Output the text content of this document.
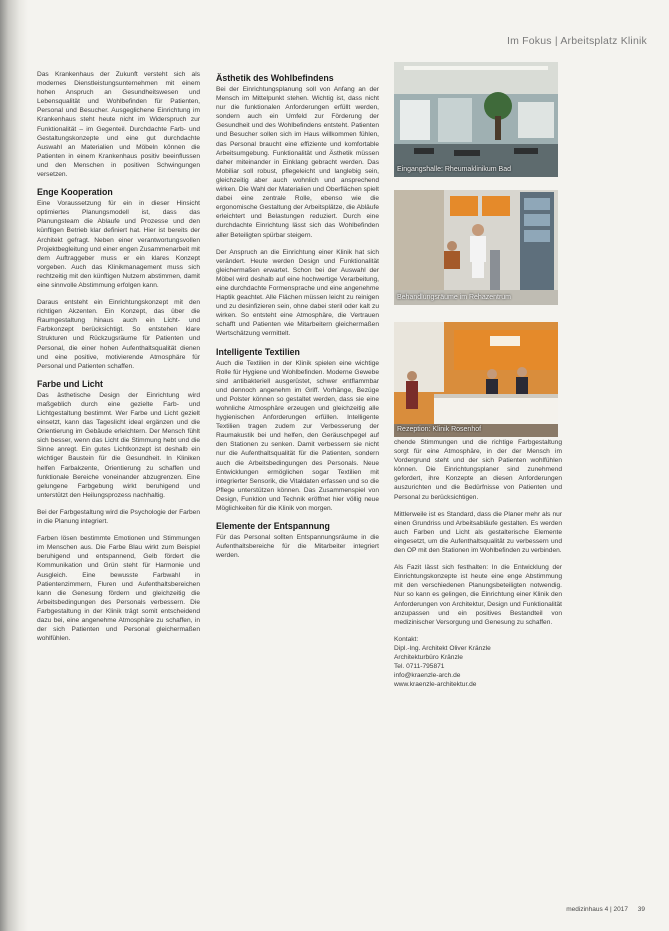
Im Fokus | Arbeitsplatz Klinik

Das Krankenhaus der Zukunft versteht sich als modernes Dienstleistungsunternehmen mit einem hohen Anspruch an Gesundheitswesen und Lebensqualität und Wohlbefinden für Patienten, Personal und Besucher. Ausgeglichene Einrichtung im Krankenhaus steht heute nicht im Widerspruch zur Funktionalität – im Gegenteil. Durchdachte Farb- und Gestaltungskonzepte und eine gut durchdachte Auswahl an Materialien und Möbeln können die Patienten in einem Krankenhaus positiv beeinflussen und den Menschen in positiven Schwingungen versetzen.

Enge Kooperation

Eine Voraussetzung für ein in dieser Hinsicht optimiertes Planungsmodell ist, dass das Planungsteam die Ablaufe und Prozesse und den künftigen Betrieb klar definiert hat. Hier ist bereits der Architekt gefragt. Neben einer verantwortungsvollen Projektbegleitung und einer engen Zusammenarbeit mit dem Auftraggeber muss er ein klares Konzept vorgeben. Auch das Klinikmanagement muss sich rechtzeitig mit den künftigen Nutzern abstimmen, damit eine sinnvolle Abstimmung erfolgen kann.

Daraus entsteht ein Einrichtungskonzept mit den richtigen Akzenten. Ein Konzept, das über die Raumgestaltung hinaus auch ein Licht- und Farbkonzept berücksichtigt. So entstehen klare Strukturen und Rückzugsräume für Patienten und Personal, die einer hohen Aufenthaltsqualität dienen und eine positive, motivierende Atmosphäre für Personal und Patienten schaffen.

Farbe und Licht

Das ästhetische Design der Einrichtung wird maßgeblich durch eine gezielte Farb- und Lichtgestaltung bestimmt. Wer Farbe und Licht gezielt einsetzt, kann das Tageslicht ideal ergänzen und die Orientierung im Gebäude erleichtern. Der Mensch fühlt sich besser, wenn das Licht die Stimmung hebt und die Sinne anregt. Ein gutes Lichtkonzept ist deshalb ein wichtiger Baustein für die Gesundheit. In Kliniken helfen Farbakzente, Orientierung zu schaffen und funktionale Bereiche voneinander abzugrenzen. Eine gelungene Farbgebung wirkt beruhigend und unterstützt den Heilungsprozess nachhaltig.

Bei der Farbgestaltung wird die Psychologie der Farben in die Planung integriert.

Farben lösen bestimmte Emotionen und Stimmungen im Menschen aus. Die Farbe Blau wirkt zum Beispiel beruhigend und entspannend, Gelb fördert die Kommunikation und Grün steht für Harmonie und Ausgleich. Eine bewusste Farbwahl in Patientenzimmern, Fluren und Aufenthaltsbereichen kann die Genesung fördern und gleichzeitig die Arbeitsbedingungen des Personals verbessern. Die Farbgestaltung in der Klinik trägt somit entscheidend dazu bei, eine angenehme Atmosphäre zu schaffen, in der sich Patienten und Personal gleichermaßen wohlfühlen.

Ästhetik des Wohlbefindens

Bei der Einrichtungsplanung soll von Anfang an der Mensch im Mittelpunkt stehen. Wichtig ist, dass nicht nur die funktionalen Anforderungen erfüllt werden, sondern auch ein Umfeld zur Förderung der Gesundheit und des Wohlbefindens entsteht. Patienten und Besucher sollen sich im Haus willkommen fühlen, das Personal braucht eine effiziente und komfortable Arbeitsumgebung. Funktionalität und Ästhetik müssen daher miteinander in Einklang gebracht werden. Das Mobiliar soll robust, pflegeleicht und langlebig sein, gleichzeitig aber auch wohnlich und ansprechend wirken. Die Wahl der Materialien und Oberflächen spielt dabei eine zentrale Rolle, ebenso wie die ergonomische Gestaltung der Arbeitsplätze, die Abläufe erleichtert und Belastungen reduziert. Durch eine durchdachte Einrichtung lässt sich das Wohlbefinden aller Beteiligten spürbar steigern.

Der Anspruch an die Einrichtung einer Klinik hat sich verändert. Heute werden Design und Funktionalität gleichermaßen erwartet. Schon bei der Auswahl der Möbel wird deshalb auf eine hochwertige Verarbeitung, eine durchdachte Formensprache und eine angenehme Haptik geachtet. Alle Flächen müssen leicht zu reinigen und zu desinfizieren sein, ohne dabei steril oder kalt zu wirken. So entsteht eine Atmosphäre, die Vertrauen schafft und Patienten wie Mitarbeitern gleichermaßen Wertschätzung vermittelt.

Intelligente Textilien

Auch die Textilien in der Klinik spielen eine wichtige Rolle für Hygiene und Wohlbefinden. Moderne Gewebe sind antibakteriell ausgerüstet, schwer entflammbar und dennoch angenehm im Griff. Vorhänge, Bezüge und Polster können so gestaltet werden, dass sie eine wohnliche Atmosphäre erzeugen und gleichzeitig alle hygienischen Anforderungen erfüllen. Intelligente Textilien tragen zudem zur Verbesserung der Raumakustik bei und helfen, den Geräuschpegel auf den Stationen zu senken. Damit verbessern sie nicht nur die Aufenthaltsqualität für die Patienten, sondern auch die Arbeitsbedingungen des Personals. Neue Entwicklungen ermöglichen sogar Textilien mit integrierter Sensorik, die Vitaldaten erfassen und so die Pflege unterstützen können. Das Zusammenspiel von Design, Funktion und Technik eröffnet hier völlig neue Möglichkeiten für die Klinik von morgen.

Elemente der Entspannung

Für das Personal sollten Entspannungsräume in die Aufenthaltsbereiche für die Mitarbeiter integriert werden.

Eingangshalle: Rheumaklinikum Bad
Behandlungsräume im Rehazentrum
Rezeption: Klinik Rosenhof

chende Stimmungen und die richtige Farbgestaltung sorgt für eine Atmosphäre, in der der Mensch im Vordergrund steht und der sich Patienten wohlfühlen können. Die Einrichtungsplaner sind zunehmend gefordert, ihre Konzepte an diesen Anforderungen auszurichten und die Bedürfnisse von Patienten und Personal zu berücksichtigen.

Mittlerweile ist es Standard, dass die Planer mehr als nur einen Grundriss und Arbeitsabläufe gestalten. Es werden auch Farben und Licht als gestalterische Elemente eingesetzt, um die Aufenthaltsqualität zu verbessern und den OP mit den Stationen im Wohlbefinden zu verbinden.

Als Fazit lässt sich festhalten: In die Entwicklung der Einrichtungskonzepte ist heute eine enge Abstimmung mit den verschiedenen Planungsbeteiligten notwendig. Nur so kann es gelingen, die Einrichtung einer Klinik den Anforderungen von Architektur, Design und Funktionalität anzupassen und ein positives Bestandteil von medizinischer Versorgung und Genesung zu schaffen.

Kontakt:

Dipl.-Ing. Architekt Oliver Kränzle

Architekturbüro Kränzle

Tel. 0711-795871

info@kraenzle-arch.de

www.kraenzle-architektur.de

medizinhaus 4 | 2017 39
